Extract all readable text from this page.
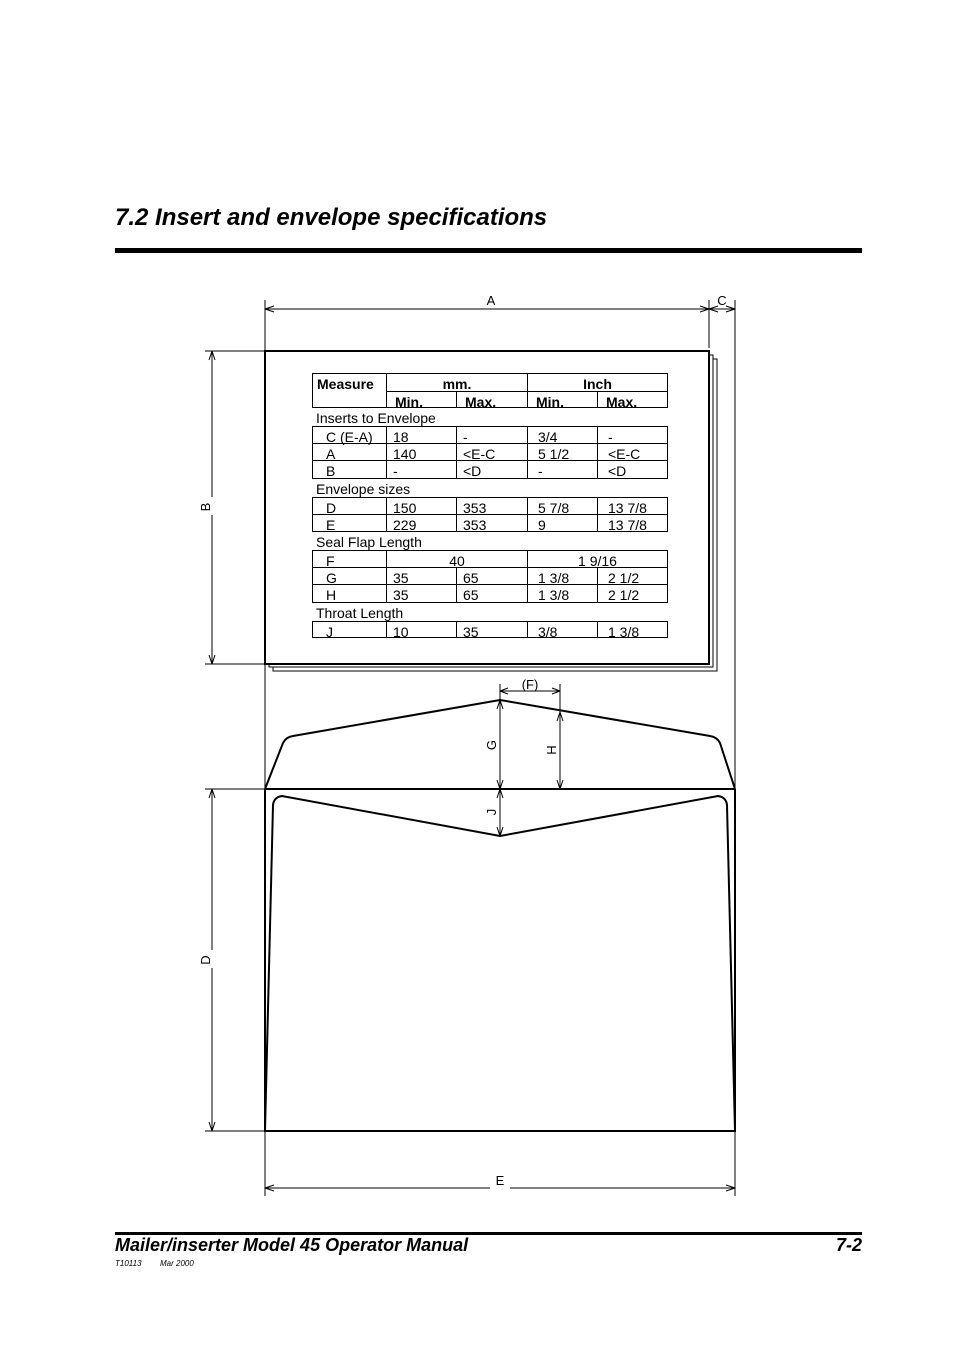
7.2 Insert and envelope specifications
A	C
B
D
E
(F)
G	H
J
Measure	mm.	Inch
Min.	Max.	Min.	Max.
Inserts to Envelope
C (E-A)	18	-	3/4	-
A	140	<E-C	5 1/2	<E-C
B	-	<D	-	<D
Envelope sizes
D	150	353	5 7/8	13 7/8
E	229	353	9	13 7/8
Seal Flap Length
F	40	1 9/16
G	35	65	1 3/8	2 1/2
H	35	65	1 3/8	2 1/2
Throat Length
J	10	35	3/8	1 3/8
Mailer/inserter Model 45 Operator Manual	7-2
T10113 Mar 2000
